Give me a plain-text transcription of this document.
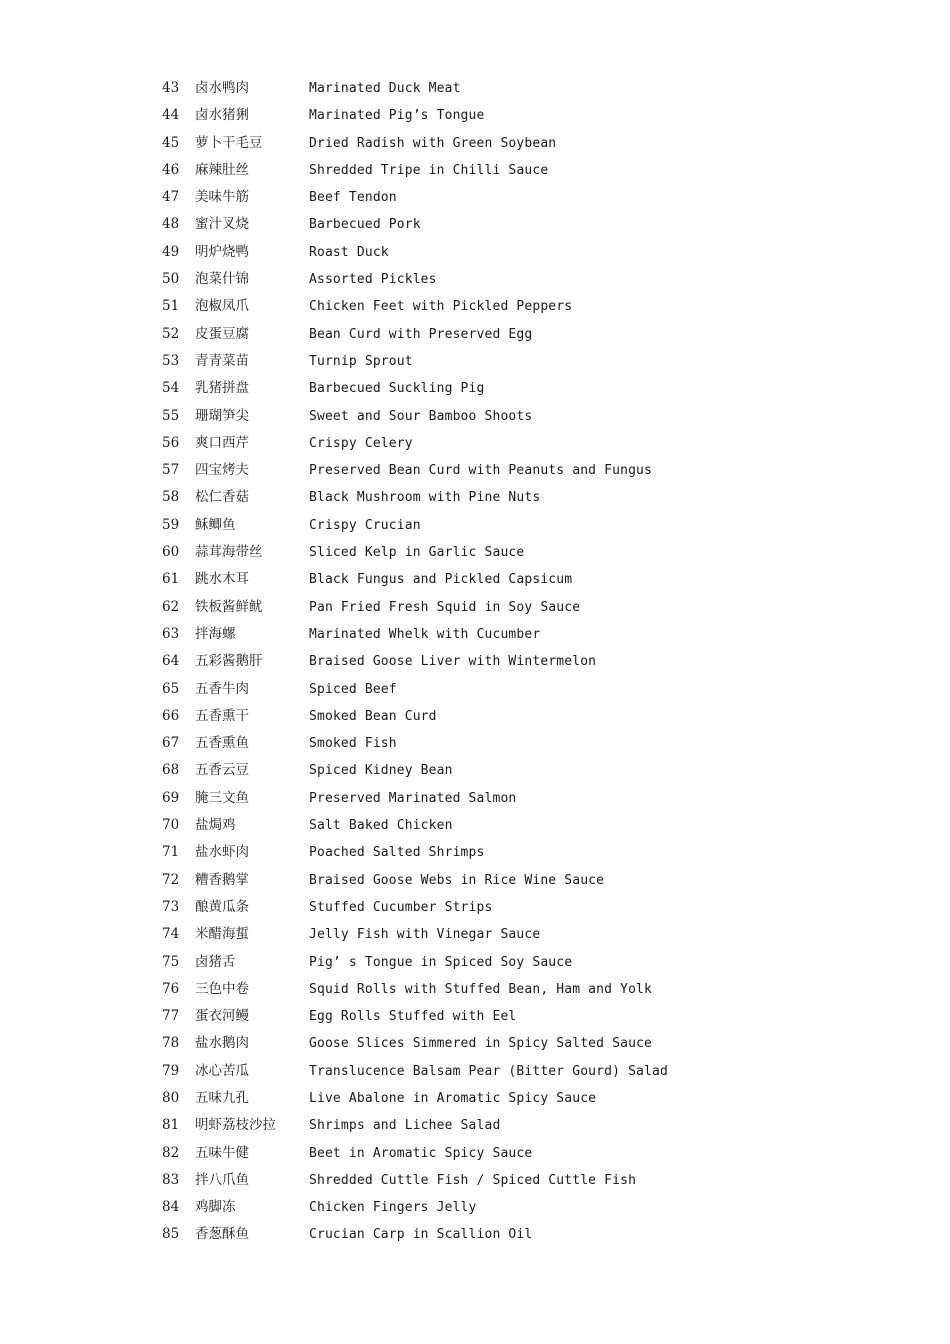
43	卤水鸭肉	Marinated Duck Meat
44	卤水猪猁	Marinated Pig’s Tongue
45	萝卜干毛豆	Dried Radish with Green Soybean
46	麻辣肚丝	Shredded Tripe in Chilli Sauce
47	美味牛筋	Beef Tendon
48	蜜汁叉烧	Barbecued Pork
49	明炉烧鸭	Roast Duck
50	泡菜什锦	Assorted Pickles
51	泡椒凤爪	Chicken Feet with Pickled Peppers
52	皮蛋豆腐	Bean Curd with Preserved Egg
53	青青菜苗	Turnip Sprout
54	乳猪拼盘	Barbecued Suckling Pig
55	珊瑚笋尖	Sweet and Sour Bamboo Shoots
56	爽口西芹	Crispy Celery
57	四宝烤夫	Preserved Bean Curd with Peanuts and Fungus
58	松仁香菇	Black Mushroom with Pine Nuts
59	稣鲫鱼	Crispy Crucian
60	蒜茸海带丝	Sliced Kelp in Garlic Sauce
61	跳水木耳	Black Fungus and Pickled Capsicum
62	铁板酱鲜鱿	Pan Fried Fresh Squid in Soy Sauce
63	拌海螺	Marinated Whelk with Cucumber
64	五彩酱鹅肝	Braised Goose Liver with Wintermelon
65	五香牛肉	Spiced Beef
66	五香熏干	Smoked Bean Curd
67	五香熏鱼	Smoked Fish
68	五香云豆	Spiced Kidney Bean
69	腌三文鱼	Preserved Marinated Salmon
70	盐焗鸡	Salt Baked Chicken
71	盐水虾肉	Poached Salted Shrimps
72	糟香鹅掌	Braised Goose Webs in Rice Wine Sauce
73	酿黄瓜条	Stuffed Cucumber Strips
74	米醋海蜇	Jelly Fish with Vinegar Sauce
75	卤猪舌	Pig’ s Tongue in Spiced Soy Sauce
76	三色中卷	Squid Rolls with Stuffed Bean, Ham and Yolk
77	蛋衣河鳗	Egg Rolls Stuffed with Eel
78	盐水鹅肉	Goose Slices Simmered in Spicy Salted Sauce
79	冰心苦瓜	Translucence Balsam Pear (Bitter Gourd) Salad
80	五味九孔	Live Abalone in Aromatic Spicy Sauce
81	明虾荔枝沙拉	Shrimps and Lichee Salad
82	五味牛健	Beet in Aromatic Spicy Sauce
83	拌八爪鱼	Shredded Cuttle Fish / Spiced Cuttle Fish
84	鸡脚冻	Chicken Fingers Jelly
85	香葱酥鱼	Crucian Carp in Scallion Oil
